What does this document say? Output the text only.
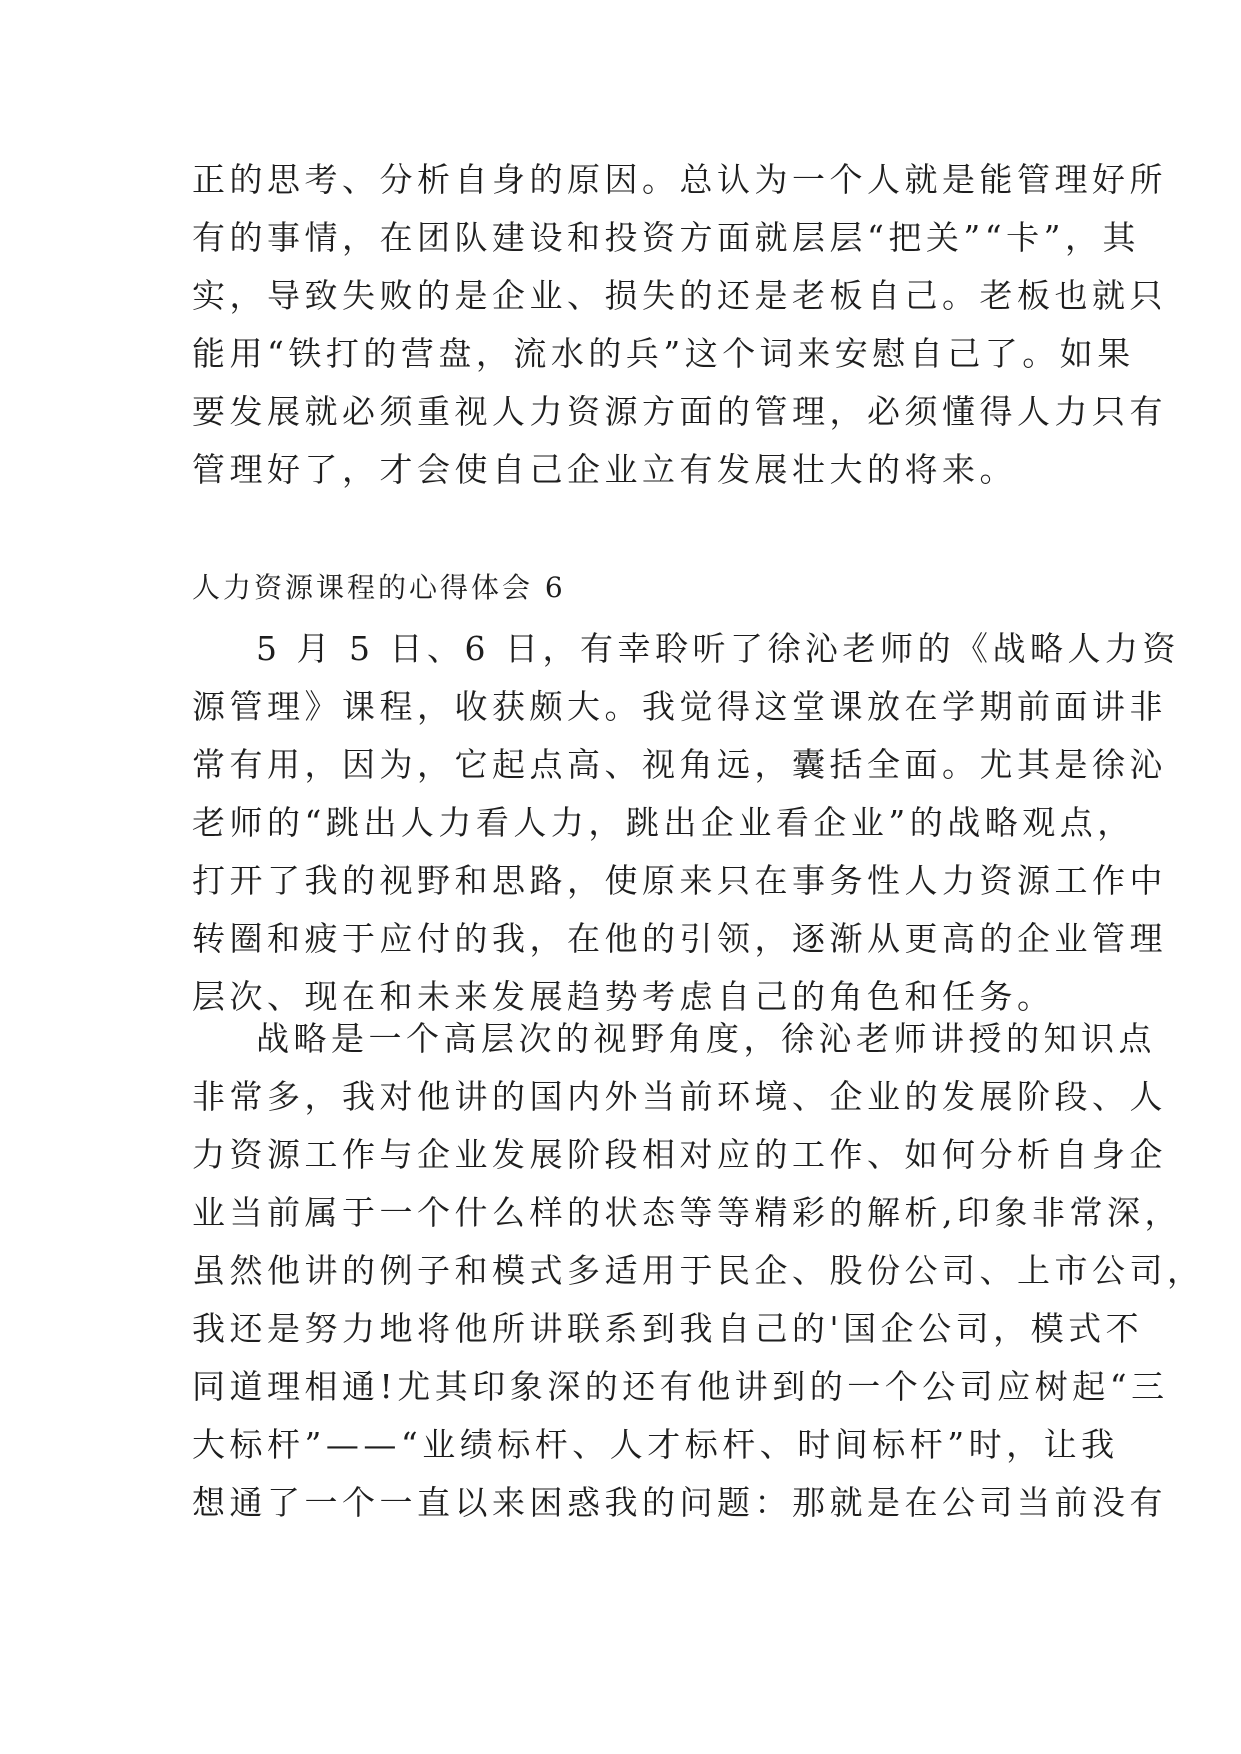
正的思考、分析自身的原因。总认为一个人就是能管理好所
有的事情，在团队建设和投资方面就层层“把关”“卡”，其
实，导致失败的是企业、损失的还是老板自己。老板也就只
能用“铁打的营盘，流水的兵”这个词来安慰自己了。如果
要发展就必须重视人力资源方面的管理，必须懂得人力只有
管理好了，才会使自己企业立有发展壮大的将来。
人力资源课程的心得体会 6
5 月 5 日、6 日，有幸聆听了徐沁老师的《战略人力资
源管理》课程，收获颇大。我觉得这堂课放在学期前面讲非
常有用，因为，它起点高、视角远，囊括全面。尤其是徐沁
老师的“跳出人力看人力，跳出企业看企业”的战略观点，
打开了我的视野和思路，使原来只在事务性人力资源工作中
转圈和疲于应付的我，在他的引领，逐渐从更高的企业管理
层次、现在和未来发展趋势考虑自己的角色和任务。
战略是一个高层次的视野角度，徐沁老师讲授的知识点
非常多，我对他讲的国内外当前环境、企业的发展阶段、人
力资源工作与企业发展阶段相对应的工作、如何分析自身企
业当前属于一个什么样的状态等等精彩的解析,印象非常深，
虽然他讲的例子和模式多适用于民企、股份公司、上市公司，
我还是努力地将他所讲联系到我自己的'国企公司，模式不
同道理相通!尤其印象深的还有他讲到的一个公司应树起“三
大标杆”——“业绩标杆、人才标杆、时间标杆”时，让我
想通了一个一直以来困惑我的问题：那就是在公司当前没有
